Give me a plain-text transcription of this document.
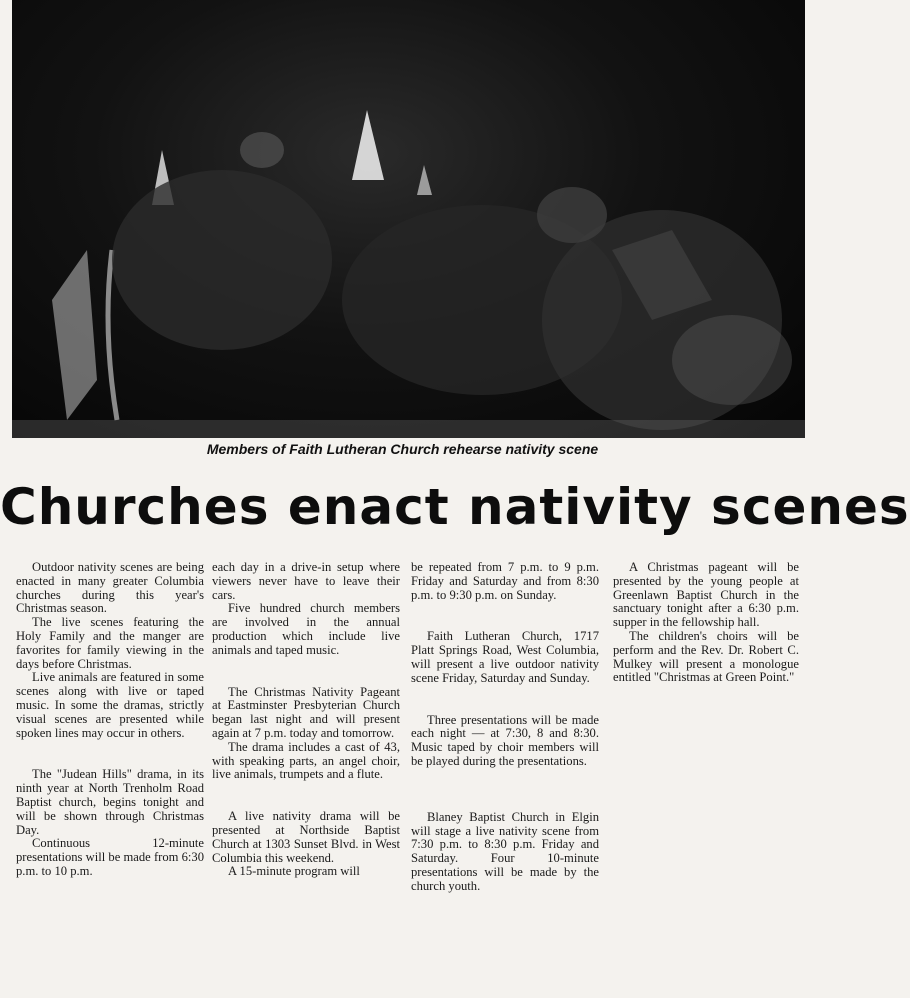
Members of Faith Lutheran Church rehearse nativity scene
Churches enact nativity scenes

Outdoor nativity scenes are being enacted in many greater Columbia churches during this year's Christmas season.

The live scenes featuring the Holy Family and the manger are favorites for family viewing in the days before Christmas.

Live animals are featured in some scenes along with live or taped music. In some the dramas, strictly visual scenes are presented while spoken lines may occur in others.

The "Judean Hills" drama, in its ninth year at North Trenholm Road Baptist church, begins tonight and will be shown through Christmas Day.

Continuous 12-minute presentations will be made from 6:30 p.m. to 10 p.m.

each day in a drive-in setup where viewers never have to leave their cars.

Five hundred church members are involved in the annual production which include live animals and taped music.

The Christmas Nativity Pageant at Eastminster Presbyterian Church began last night and will present again at 7 p.m. today and tomorrow.

The drama includes a cast of 43, with speaking parts, an angel choir, live animals, trumpets and a flute.

A live nativity drama will be presented at Northside Baptist Church at 1303 Sunset Blvd. in West Columbia this weekend.

A 15-minute program will

be repeated from 7 p.m. to 9 p.m. Friday and Saturday and from 8:30 p.m. to 9:30 p.m. on Sunday.

Faith Lutheran Church, 1717 Platt Springs Road, West Columbia, will present a live outdoor nativity scene Friday, Saturday and Sunday.

Three presentations will be made each night — at 7:30, 8 and 8:30. Music taped by choir members will be played during the presentations.

Blaney Baptist Church in Elgin will stage a live nativity scene from 7:30 p.m. to 8:30 p.m. Friday and Saturday. Four 10-minute presentations will be made by the church youth.

A Christmas pageant will be presented by the young people at Greenlawn Baptist Church in the sanctuary tonight after a 6:30 p.m. supper in the fellowship hall.

The children's choirs will be perform and the Rev. Dr. Robert C. Mulkey will present a monologue entitled "Christmas at Green Point."
